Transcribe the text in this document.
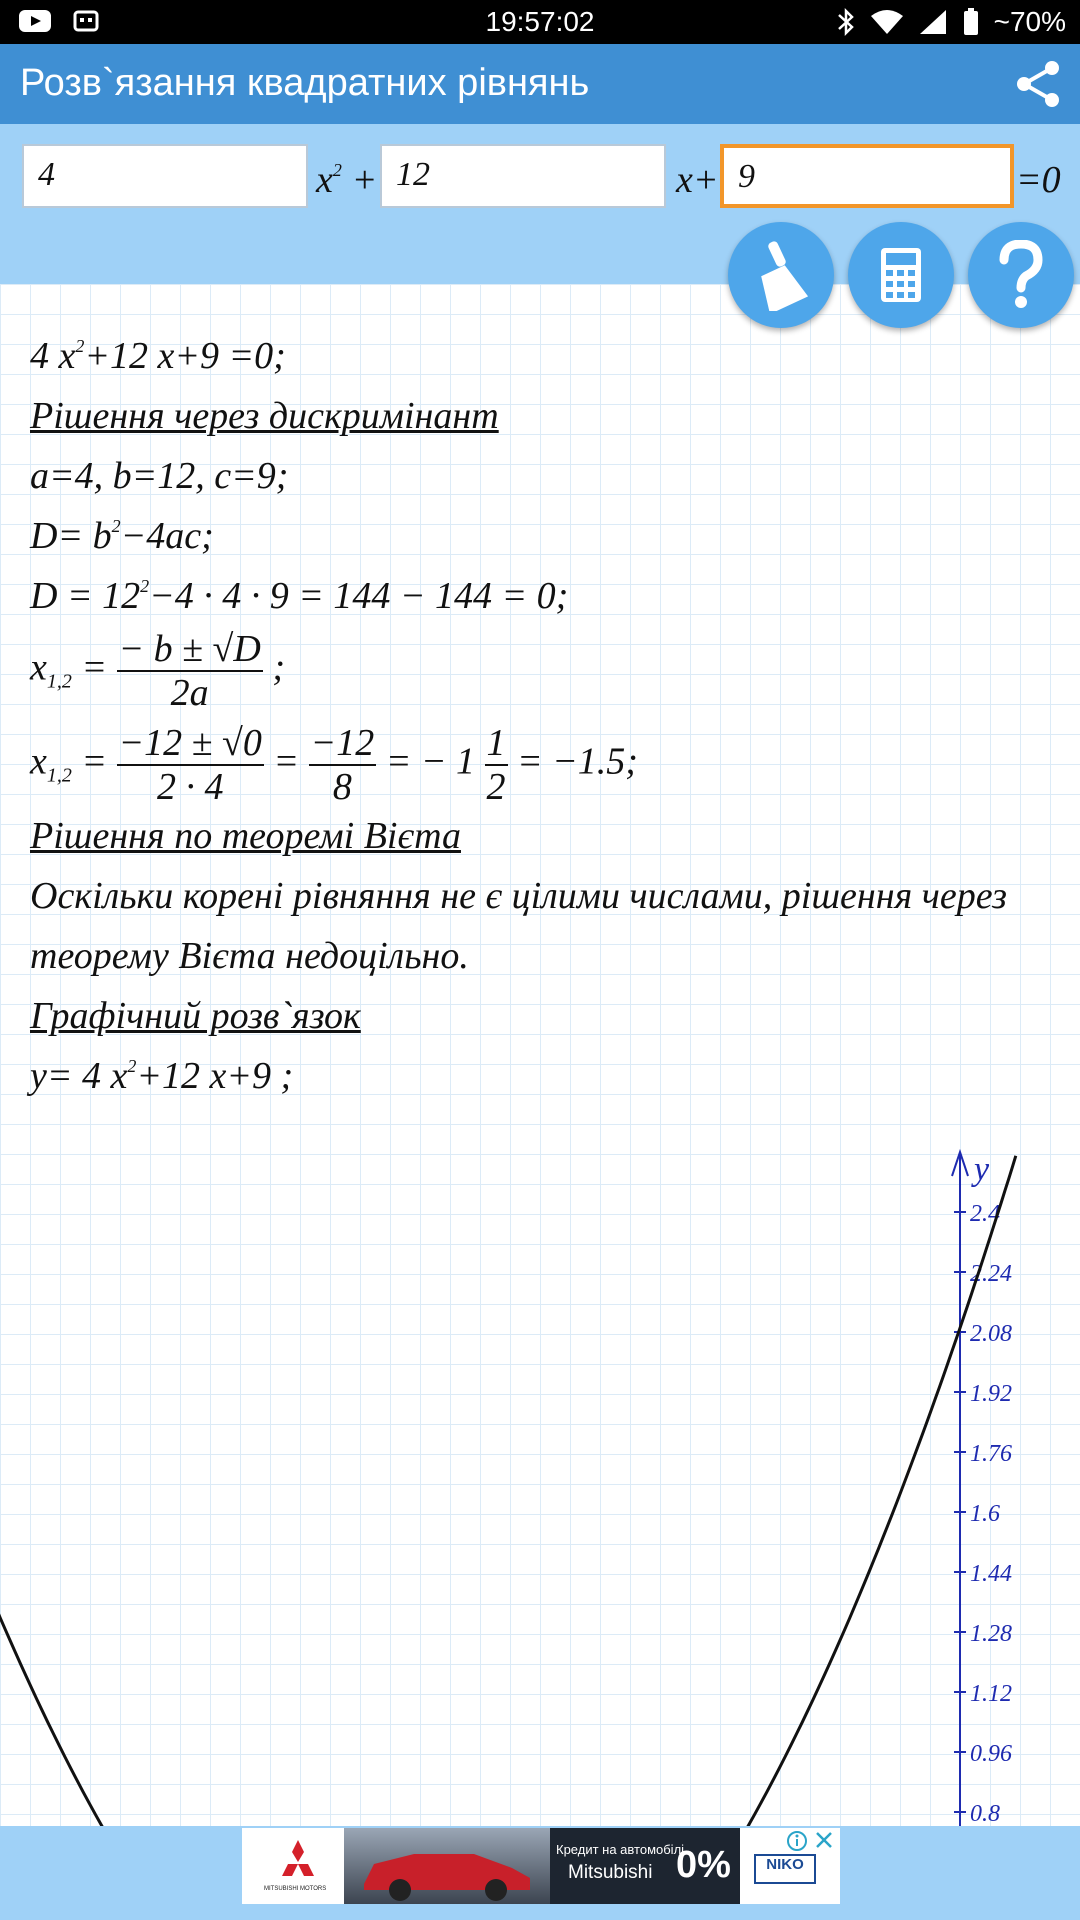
19:57:02	~70%
Розв`язання квадратних рівнянь
4	$x^2 + 12$	x+ 9	=0
4 $x^2+12$ x+9 =0;
Рішення через дискримінант
a=4, b=12, c=9;
$D= b^2-4ac$;
$D = 12^2-4 \cdot 4 \cdot 9 = 144 - 144 = 0$;
$x_{1,2} = \frac{- b \pm √D}{2a}$ ;
$x_{1,2} = \frac{-12 \pm √0}{2 \cdot 4} = \frac{-12}{8}$ = − $1 \frac{1}{2} = -1.5$;
Рішення по теоремі Вієта
Оскільки корені рівняння не є цілими числами, рішення через
теорему Вієта недоцільно.
Графічний розв`язок
y= 4 $x^2+12$ x+9 ;
y
2.4
2.24
2.08
1.92
1.76
1.6
1.44
1.28
1.12
0.96
0.8
MITSUBISHI MOTORS
Кредит на автомобілі
Mitsubishi 0%	NIKO
